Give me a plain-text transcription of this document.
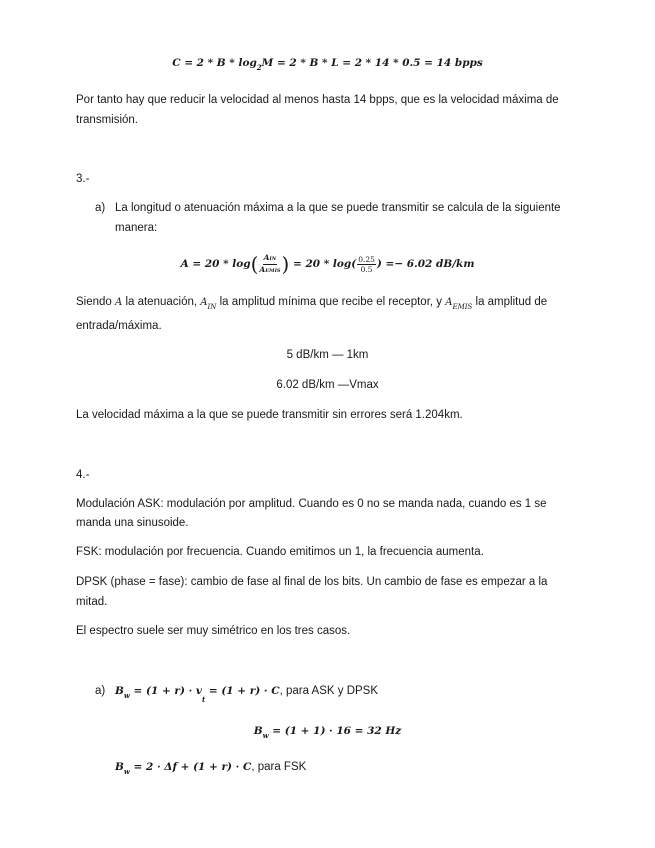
$C = 2 * B * \log_2M = 2 * B * L = 2 * 14 * 0.5 = 14$ bpps
Por tanto hay que reducir la velocidad al menos hasta 14 bpps, que es la velocidad máxima de
transmisión.
3.-
a) La longitud o atenuación máxima a la que se puede transmitir se calcula de la siguiente
manera:
$A = 20 * \log( \frac{\text{AIN}}{\text{AEMIS}}$ ) = $20 * \log( \frac{0.25}{0.5}$ ) =− 6.02 dB/km
Siendo A la atenuación, $A_{IN}$ la amplitud mínima que recibe el receptor, y $A_{EMIS}$ la amplitud de
entrada/máxima.
5 dB/km — 1km
6.02 dB/km —Vmax
La velocidad máxima a la que se puede transmitir sin errores será 1.204km.
4.-
Modulación ASK: modulación por amplitud. Cuando es 0 no se manda nada, cuando es 1 se
manda una sinusoide.
FSK: modulación por frecuencia. Cuando emitimos un 1, la frecuencia aumenta.
DPSK (phase = fase): cambio de fase al final de los bits. Un cambio de fase es empezar a la
mitad.
El espectro suele ser muy simétrico en los tres casos.
a) $B_w = (1 + r) \cdot v_t = (1 + r) \cdot C$, para ASK y DPSK
$B_w = (1 + 1) \cdot 16 = 32$ Hz
$B_w = 2 \cdot \Delta f + (1 + r) \cdot C$, para FSK
